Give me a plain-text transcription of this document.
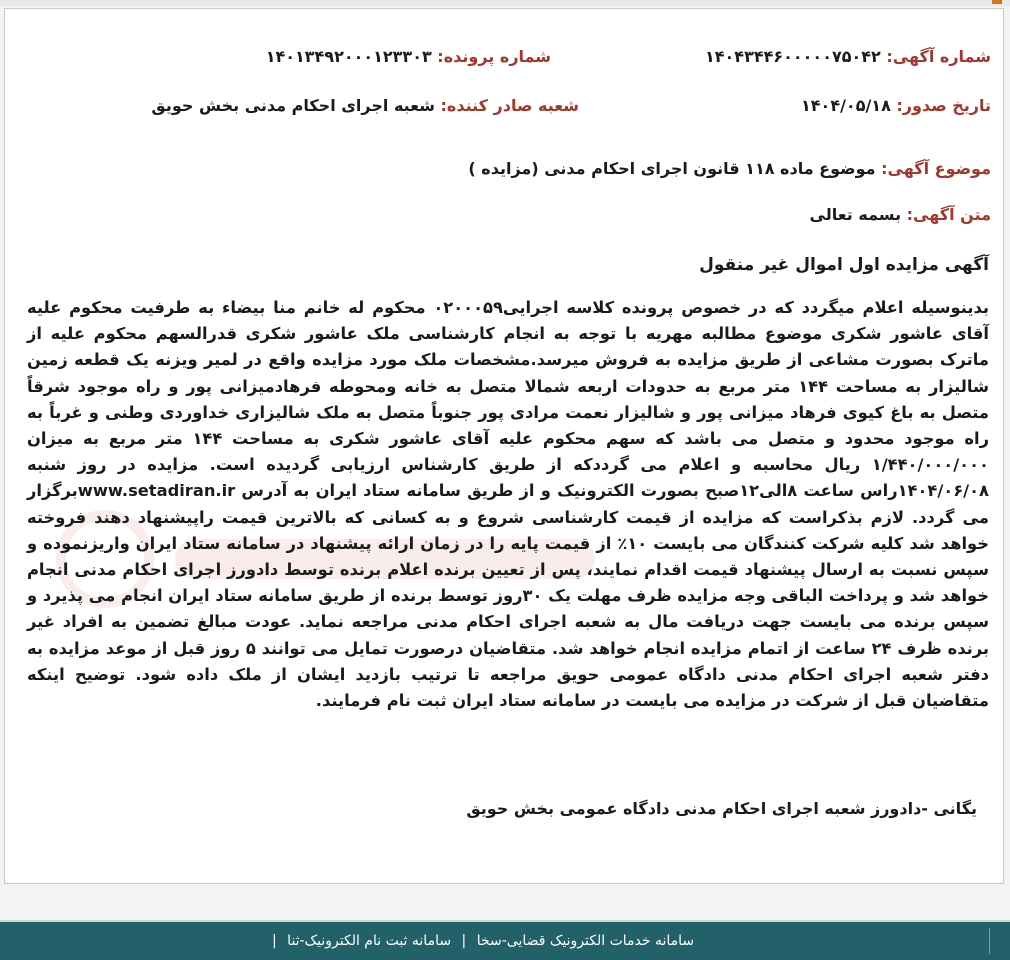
شماره آگهی: ۱۴۰۴۳۴۴۶۰۰۰۰۰۷۵۰۴۲
شماره پرونده: ۱۴۰۱۳۴۹۲۰۰۰۱۲۳۳۰۳
تاریخ صدور: ۱۴۰۴/۰۵/۱۸
شعبه صادر کننده: شعبه اجرای احکام مدنی بخش حویق
موضوع آگهی: موضوع ماده ۱۱۸ قانون اجرای احکام مدنی (مزایده )
متن آگهی: بسمه تعالی
آگهی مزایده اول اموال غیر منقول
بدینوسیله اعلام میگردد که در خصوص پرونده کلاسه اجرایی۰۲۰۰۰۵۹ محکوم له خانم منا بیضاء به طرفیت محکوم علیه آقای عاشور شکری موضوع مطالبه مهریه با توجه به انجام کارشناسی ملک عاشور شکری قدرالسهم محکوم علیه از ماترک بصورت مشاعی از طریق مزایده به فروش میرسد.مشخصات ملک مورد مزایده واقع در لمیر ویزنه یک قطعه زمین شالیزار به مساحت ۱۴۴ متر مربع به حدودات اربعه شمالا متصل به خانه ومحوطه فرهادمیزانی پور و راه موجود شرقاً متصل به باغ کیوی فرهاد میزانی پور و شالیزار نعمت مرادی پور جنوباً متصل به ملک شالیزاری خداوردی وطنی و غرباً به راه موجود محدود و متصل می باشد که سهم محکوم علیه آقای عاشور شکری به مساحت ۱۴۴ متر مربع به میزان ۱/۴۴۰/۰۰۰/۰۰۰ ریال محاسبه و اعلام می گرددکه از طریق کارشناس ارزیابی گردیده است. مزایده در روز شنبه ۱۴۰۴/۰۶/۰۸راس ساعت ۸الی۱۲صبح بصورت الکترونیک و از طریق سامانه ستاد ایران به آدرس www.setadiran.irبرگزار می گردد. لازم بذکراست که مزایده از قیمت کارشناسی شروع و به کسانی که بالاترین قیمت راپیشنهاد دهند فروخته خواهد شد کلیه شرکت کنندگان می بایست ۱۰٪ از قیمت پایه را در زمان ارائه پیشنهاد در سامانه ستاد ایران واریزنموده و سپس نسبت به ارسال پیشنهاد قیمت اقدام نمایند، پس از تعیین برنده اعلام برنده توسط دادورز اجرای احکام مدنی انجام خواهد شد و پرداخت الباقی وجه مزایده ظرف مهلت یک ۳۰روز توسط برنده از طریق سامانه ستاد ایران انجام می پذیرد و سپس برنده می بایست جهت دریافت مال به شعبه اجرای احکام مدنی مراجعه نماید. عودت مبالغ تضمین به افراد غیر برنده ظرف ۲۴ ساعت از اتمام مزایده انجام خواهد شد. متقاضیان درصورت تمایل می توانند ۵ روز قبل از موعد مزایده به دفتر شعبه اجرای احکام مدنی دادگاه عمومی حویق مراجعه تا ترتیب بازدید ایشان از ملک داده شود. توضیح اینکه متقاضیان قبل از شرکت در مزایده می بایست در سامانه ستاد ایران ثبت نام فرمایند.
یگانی -دادورز شعبه اجرای احکام مدنی دادگاه عمومی بخش حویق
سامانه خدمات الکترونیک قضایی-سخا | سامانه ثبت نام الکترونیک-ثنا |
